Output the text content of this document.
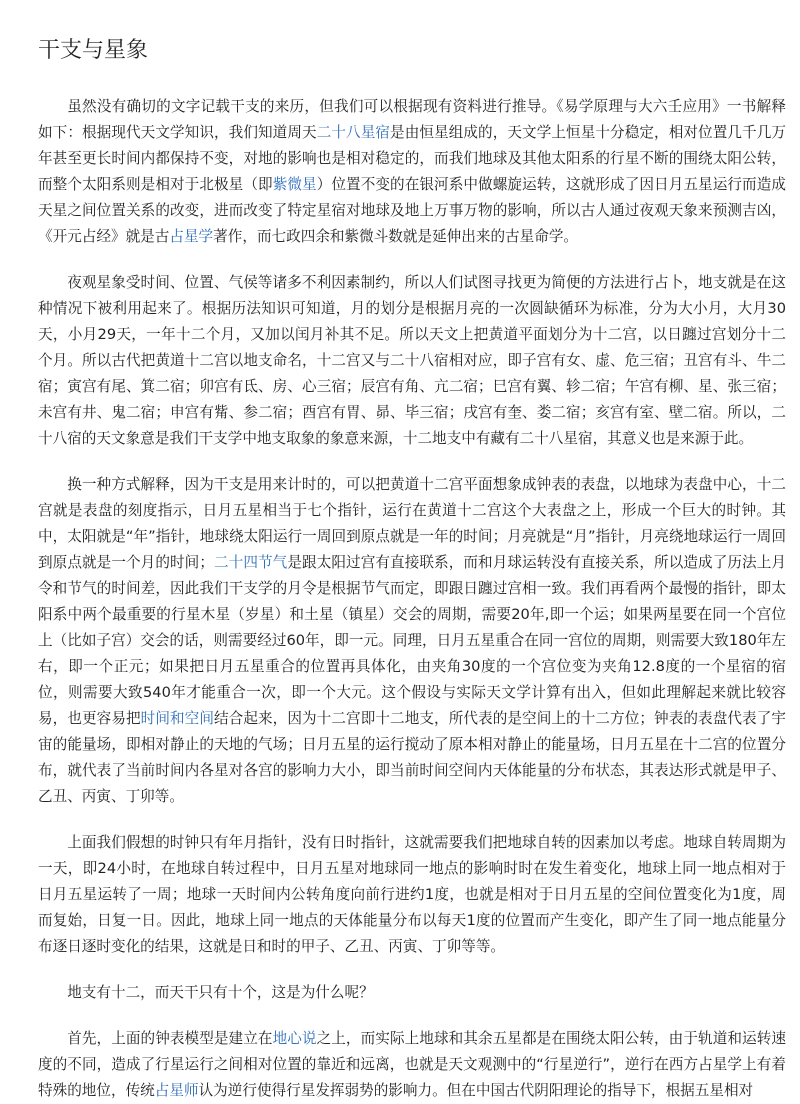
干支与星象

虽然没有确切的文字记载干支的来历，但我们可以根据现有资料进行推导。《易学原理与大六壬应用》一书解释如下：根据现代天文学知识，我们知道周天二十八星宿是由恒星组成的，天文学上恒星十分稳定，相对位置几千几万年甚至更长时间内都保持不变，对地的影响也是相对稳定的，而我们地球及其他太阳系的行星不断的围绕太阳公转，而整个太阳系则是相对于北极星（即紫微星）位置不变的在银河系中做螺旋运转，这就形成了因日月五星运行而造成天星之间位置关系的改变，进而改变了特定星宿对地球及地上万事万物的影响，所以古人通过夜观天象来预测吉凶，《开元占经》就是古占星学著作，而七政四余和紫微斗数就是延伸出来的古星命学。

夜观星象受时间、位置、气侯等诸多不利因素制约，所以人们试图寻找更为简便的方法进行占卜，地支就是在这种情况下被利用起来了。根据历法知识可知道，月的划分是根据月亮的一次圆缺循环为标准，分为大小月，大月30天，小月29天，一年十二个月，又加以闰月补其不足。所以天文上把黄道平面划分为十二宫，以日躔过宫划分十二个月。所以古代把黄道十二宫以地支命名，十二宫又与二十八宿相对应，即子宫有女、虚、危三宿；丑宫有斗、牛二宿；寅宫有尾、箕二宿；卯宫有氐、房、心三宿；辰宫有角、亢二宿；巳宫有翼、轸二宿；午宫有柳、星、张三宿；未宫有井、鬼二宿；申宫有觜、参二宿；酉宫有胃、昴、毕三宿；戌宫有奎、娄二宿；亥宫有室、壁二宿。所以，二十八宿的天文象意是我们干支学中地支取象的象意来源，十二地支中有藏有二十八星宿，其意义也是来源于此。

换一种方式解释，因为干支是用来计时的，可以把黄道十二宫平面想象成钟表的表盘，以地球为表盘中心，十二宫就是表盘的刻度指示，日月五星相当于七个指针，运行在黄道十二宫这个大表盘之上，形成一个巨大的时钟。其中，太阳就是“年”指针，地球绕太阳运行一周回到原点就是一年的时间；月亮就是“月”指针，月亮绕地球运行一周回到原点就是一个月的时间；二十四节气是跟太阳过宫有直接联系，而和月球运转没有直接关系，所以造成了历法上月令和节气的时间差，因此我们干支学的月令是根据节气而定，即跟日躔过宫相一致。我们再看两个最慢的指针，即太阳系中两个最重要的行星木星（岁星）和土星（镇星）交会的周期，需要20年,即一个运；如果两星要在同一个宫位上（比如子宫）交会的话，则需要经过60年，即一元。同理，日月五星重合在同一宫位的周期，则需要大致180年左右，即一个正元；如果把日月五星重合的位置再具体化，由夹角30度的一个宫位变为夹角12.8度的一个星宿的宿位，则需要大致540年才能重合一次，即一个大元。这个假设与实际天文学计算有出入，但如此理解起来就比较容易，也更容易把时间和空间结合起来，因为十二宫即十二地支，所代表的是空间上的十二方位；钟表的表盘代表了宇宙的能量场，即相对静止的天地的气场；日月五星的运行搅动了原本相对静止的能量场，日月五星在十二宫的位置分布，就代表了当前时间内各星对各宫的影响力大小，即当前时间空间内天体能量的分布状态，其表达形式就是甲子、乙丑、丙寅、丁卯等。

上面我们假想的时钟只有年月指针，没有日时指针，这就需要我们把地球自转的因素加以考虑。地球自转周期为一天，即24小时，在地球自转过程中，日月五星对地球同一地点的影响时时在发生着变化，地球上同一地点相对于日月五星运转了一周；地球一天时间内公转角度向前行进约1度，也就是相对于日月五星的空间位置变化为1度，周而复始，日复一日。因此，地球上同一地点的天体能量分布以每天1度的位置而产生变化，即产生了同一地点能量分布逐日逐时变化的结果，这就是日和时的甲子、乙丑、丙寅、丁卯等等。

地支有十二，而天干只有十个，这是为什么呢？

首先，上面的钟表模型是建立在地心说之上，而实际上地球和其余五星都是在围绕太阳公转，由于轨道和运转速度的不同，造成了行星运行之间相对位置的靠近和远离，也就是天文观测中的“行星逆行”，逆行在西方占星学上有着特殊的地位，传统占星师认为逆行使得行星发挥弱势的影响力。但在中国古代阴阳理论的指导下，根据五星相对
